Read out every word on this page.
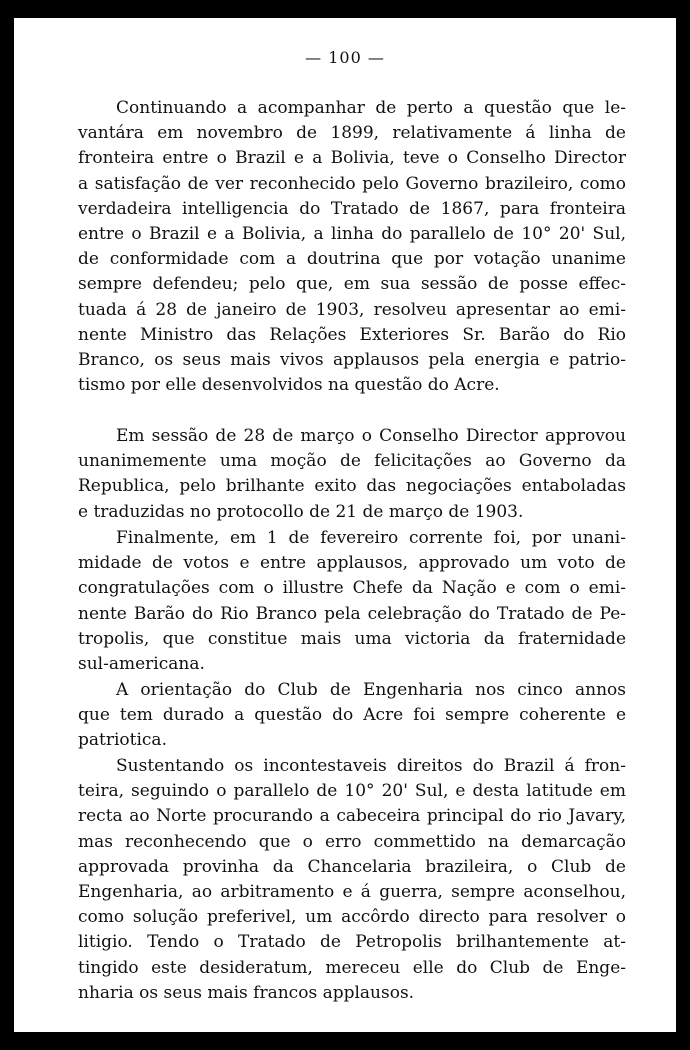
— 100 —
Continuando a acompanhar de perto a questão que le-
vantára em novembro de 1899, relativamente á linha de
fronteira entre o Brazil e a Bolivia, teve o Conselho Director
a satisfação de ver reconhecido pelo Governo brazileiro, como
verdadeira intelligencia do Tratado de 1867, para fronteira
entre o Brazil e a Bolivia, a linha do parallelo de 10° 20' Sul,
de conformidade com a doutrina que por votação unanime
sempre defendeu; pelo que, em sua sessão de posse effec-
tuada á 28 de janeiro de 1903, resolveu apresentar ao emi-
nente Ministro das Relações Exteriores Sr. Barão do Rio
Branco, os seus mais vivos applausos pela energia e patrio-
tismo por elle desenvolvidos na questão do Acre.
Em sessão de 28 de março o Conselho Director approvou
unanimemente uma moção de felicitações ao Governo da
Republica, pelo brilhante exito das negociações entaboladas
e traduzidas no protocollo de 21 de março de 1903.
Finalmente, em 1 de fevereiro corrente foi, por unani-
midade de votos e entre applausos, approvado um voto de
congratulações com o illustre Chefe da Nação e com o emi-
nente Barão do Rio Branco pela celebração do Tratado de Pe-
tropolis, que constitue mais uma victoria da fraternidade
sul-americana.
A orientação do Club de Engenharia nos cinco annos
que tem durado a questão do Acre foi sempre coherente e
patriotica.
Sustentando os incontestaveis direitos do Brazil á fron-
teira, seguindo o parallelo de 10° 20' Sul, e desta latitude em
recta ao Norte procurando a cabeceira principal do rio Javary,
mas reconhecendo que o erro commettido na demarcação
approvada provinha da Chancelaria brazileira, o Club de
Engenharia, ao arbitramento e á guerra, sempre aconselhou,
como solução preferivel, um accôrdo directo para resolver o
litigio. Tendo o Tratado de Petropolis brilhantemente at-
tingido este desideratum, mereceu elle do Club de Enge-
nharia os seus mais francos applausos.
